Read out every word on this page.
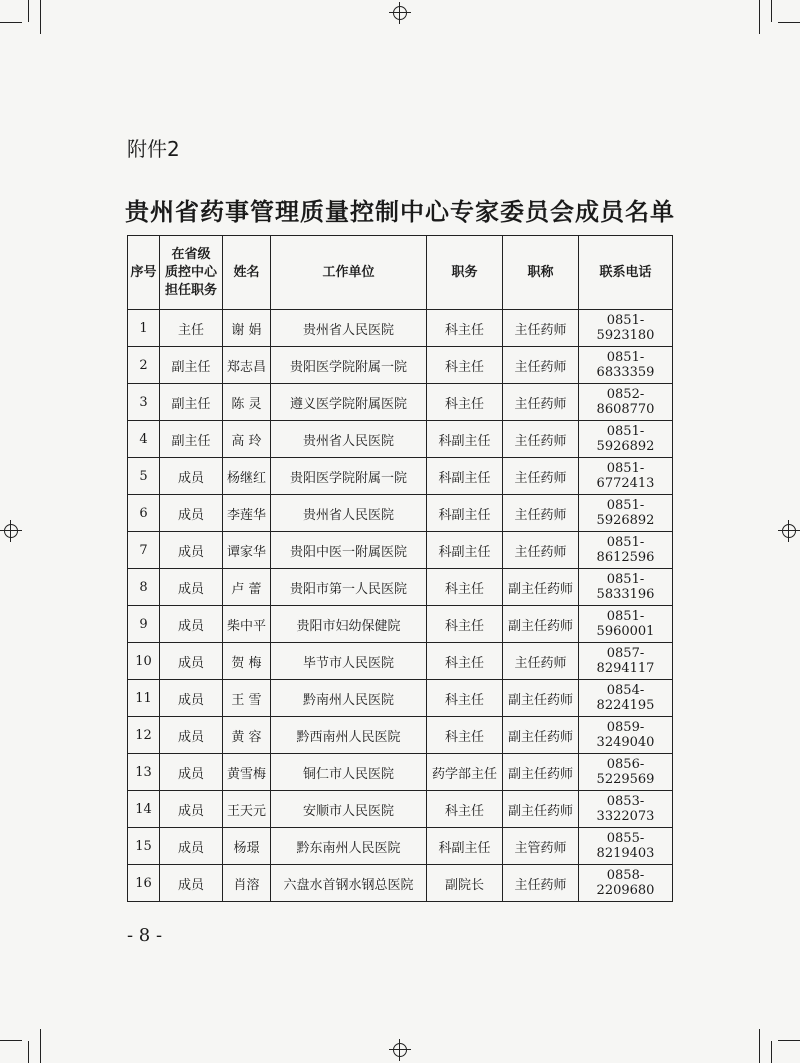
附件2
贵州省药事管理质量控制中心专家委员会成员名单
序号	在省级
质控中心
担任职务	姓名	工作单位	职务	职称	联系电话
1	主任	谢 娟	贵州省人民医院	科主任	主任药师	0851-5923180
2	副主任	郑志昌	贵阳医学院附属一院	科主任	主任药师	0851-6833359
3	副主任	陈 灵	遵义医学院附属医院	科主任	主任药师	0852-8608770
4	副主任	高 玲	贵州省人民医院	科副主任	主任药师	0851-5926892
5	成员	杨继红	贵阳医学院附属一院	科副主任	主任药师	0851-6772413
6	成员	李莲华	贵州省人民医院	科副主任	主任药师	0851-5926892
7	成员	谭家华	贵阳中医一附属医院	科副主任	主任药师	0851-8612596
8	成员	卢 蕾	贵阳市第一人民医院	科主任	副主任药师	0851-5833196
9	成员	柴中平	贵阳市妇幼保健院	科主任	副主任药师	0851-5960001
10	成员	贺 梅	毕节市人民医院	科主任	主任药师	0857-8294117
11	成员	王 雪	黔南州人民医院	科主任	副主任药师	0854-8224195
12	成员	黄 容	黔西南州人民医院	科主任	副主任药师	0859-3249040
13	成员	黄雪梅	铜仁市人民医院	药学部主任	副主任药师	0856-5229569
14	成员	王天元	安顺市人民医院	科主任	副主任药师	0853-3322073
15	成员	杨璟	黔东南州人民医院	科副主任	主管药师	0855-8219403
16	成员	肖溶	六盘水首钢水钢总医院	副院长	主任药师	0858-2209680
- 8 -
